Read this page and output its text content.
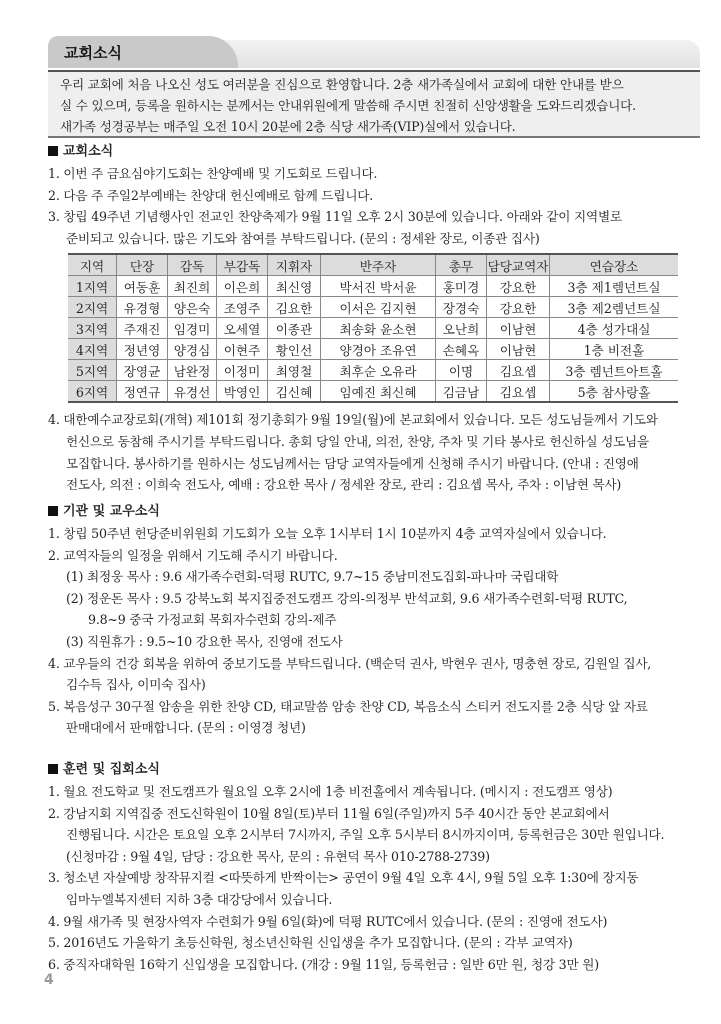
교회소식
우리 교회에 처음 나오신 성도 여러분을 진심으로 환영합니다. 2층 새가족실에서 교회에 대한 안내를 받으
실 수 있으며, 등록을 원하시는 분께서는 안내위원에게 말씀해 주시면 친절히 신앙생활을 도와드리겠습니다.
새가족 성경공부는 매주일 오전 10시 20분에 2층 식당 새가족(VIP)실에서 있습니다.
교회소식
1. 이번 주 금요심야기도회는 찬양예배 및 기도회로 드립니다.
2. 다음 주 주일2부예배는 찬양대 헌신예배로 함께 드립니다.
3. 창립 49주년 기념행사인 전교인 찬양축제가 9월 11일 오후 2시 30분에 있습니다. 아래와 같이 지역별로
준비되고 있습니다. 많은 기도와 참여를 부탁드립니다. (문의 : 정세완 장로, 이종관 집사)
지역	단장	감독	부감독	지휘자	반주자	총무	담당교역자	연습장소
1지역	여동훈	최진희	이은희	최신영	박서진 박서윤	홍미경	강요한	3층 제1렘넌트실
2지역	유경형	양은숙	조영주	김요한	이서은 김지현	장경숙	강요한	3층 제2렘넌트실
3지역	주재진	임경미	오세열	이종관	최송화 윤소현	오난희	이남현	4층 성가대실
4지역	정년영	양경심	이현주	황인선	양경아 조유연	손혜옥	이남현	1층 비전홀
5지역	장영균	남완정	이정미	최영철	최후순 오유라	이명	김요셉	3층 렘넌트아트홀
6지역	정연규	유경선	박영인	김신혜	임예진 최신혜	김금남	김요셉	5층 참사랑홀
4. 대한예수교장로회(개혁) 제101회 정기총회가 9월 19일(월)에 본교회에서 있습니다. 모든 성도님들께서 기도와
헌신으로 동참해 주시기를 부탁드립니다. 총회 당일 안내, 의전, 찬양, 주차 및 기타 봉사로 헌신하실 성도님을
모집합니다. 봉사하기를 원하시는 성도님께서는 담당 교역자들에게 신청해 주시기 바랍니다. (안내 : 진영애
전도사, 의전 : 이희숙 전도사, 예배 : 강요한 목사 / 정세완 장로, 관리 : 김요셉 목사, 주차 : 이남현 목사)
기관 및 교우소식
1. 창립 50주년 헌당준비위원회 기도회가 오늘 오후 1시부터 1시 10분까지 4층 교역자실에서 있습니다.
2. 교역자들의 일정을 위해서 기도해 주시기 바랍니다.
(1) 최정웅 목사 : 9.6 새가족수련회-덕평 RUTC, 9.7~15 중남미전도집회-파나마 국립대학
(2) 정운돈 목사 : 9.5 강북노회 복지집중전도캠프 강의-의정부 반석교회, 9.6 새가족수련회-덕평 RUTC,
9.8~9 중국 가정교회 목회자수련회 강의-제주
(3) 직원휴가 : 9.5~10 강요한 목사, 진영애 전도사
4. 교우들의 건강 회복을 위하여 중보기도를 부탁드립니다. (백순덕 권사, 박현우 권사, 명충현 장로, 김원일 집사,
김수득 집사, 이미숙 집사)
5. 복음성구 30구절 암송을 위한 찬양 CD, 태교말씀 암송 찬양 CD, 복음소식 스티커 전도지를 2층 식당 앞 자료
판매대에서 판매합니다. (문의 : 이영경 청년)
훈련 및 집회소식
1. 월요 전도학교 및 전도캠프가 월요일 오후 2시에 1층 비전홀에서 계속됩니다. (메시지 : 전도캠프 영상)
2. 강남지회 지역집중 전도신학원이 10월 8일(토)부터 11월 6일(주일)까지 5주 40시간 동안 본교회에서
진행됩니다. 시간은 토요일 오후 2시부터 7시까지, 주일 오후 5시부터 8시까지이며, 등록헌금은 30만 원입니다.
(신청마감 : 9월 4일, 담당 : 강요한 목사, 문의 : 유현덕 목사 010-2788-2739)
3. 청소년 자살예방 창작뮤지컬 <따뜻하게 반짝이는> 공연이 9월 4일 오후 4시, 9월 5일 오후 1:30에 장지동
임마누엘복지센터 지하 3층 대강당에서 있습니다.
4. 9월 새가족 및 현장사역자 수련회가 9월 6일(화)에 덕평 RUTC에서 있습니다. (문의 : 진영애 전도사)
5. 2016년도 가을학기 초등신학원, 청소년신학원 신입생을 추가 모집합니다. (문의 : 각부 교역자)
6. 중직자대학원 16학기 신입생을 모집합니다. (개강 : 9월 11일, 등록헌금 : 일반 6만 원, 청강 3만 원)
4
